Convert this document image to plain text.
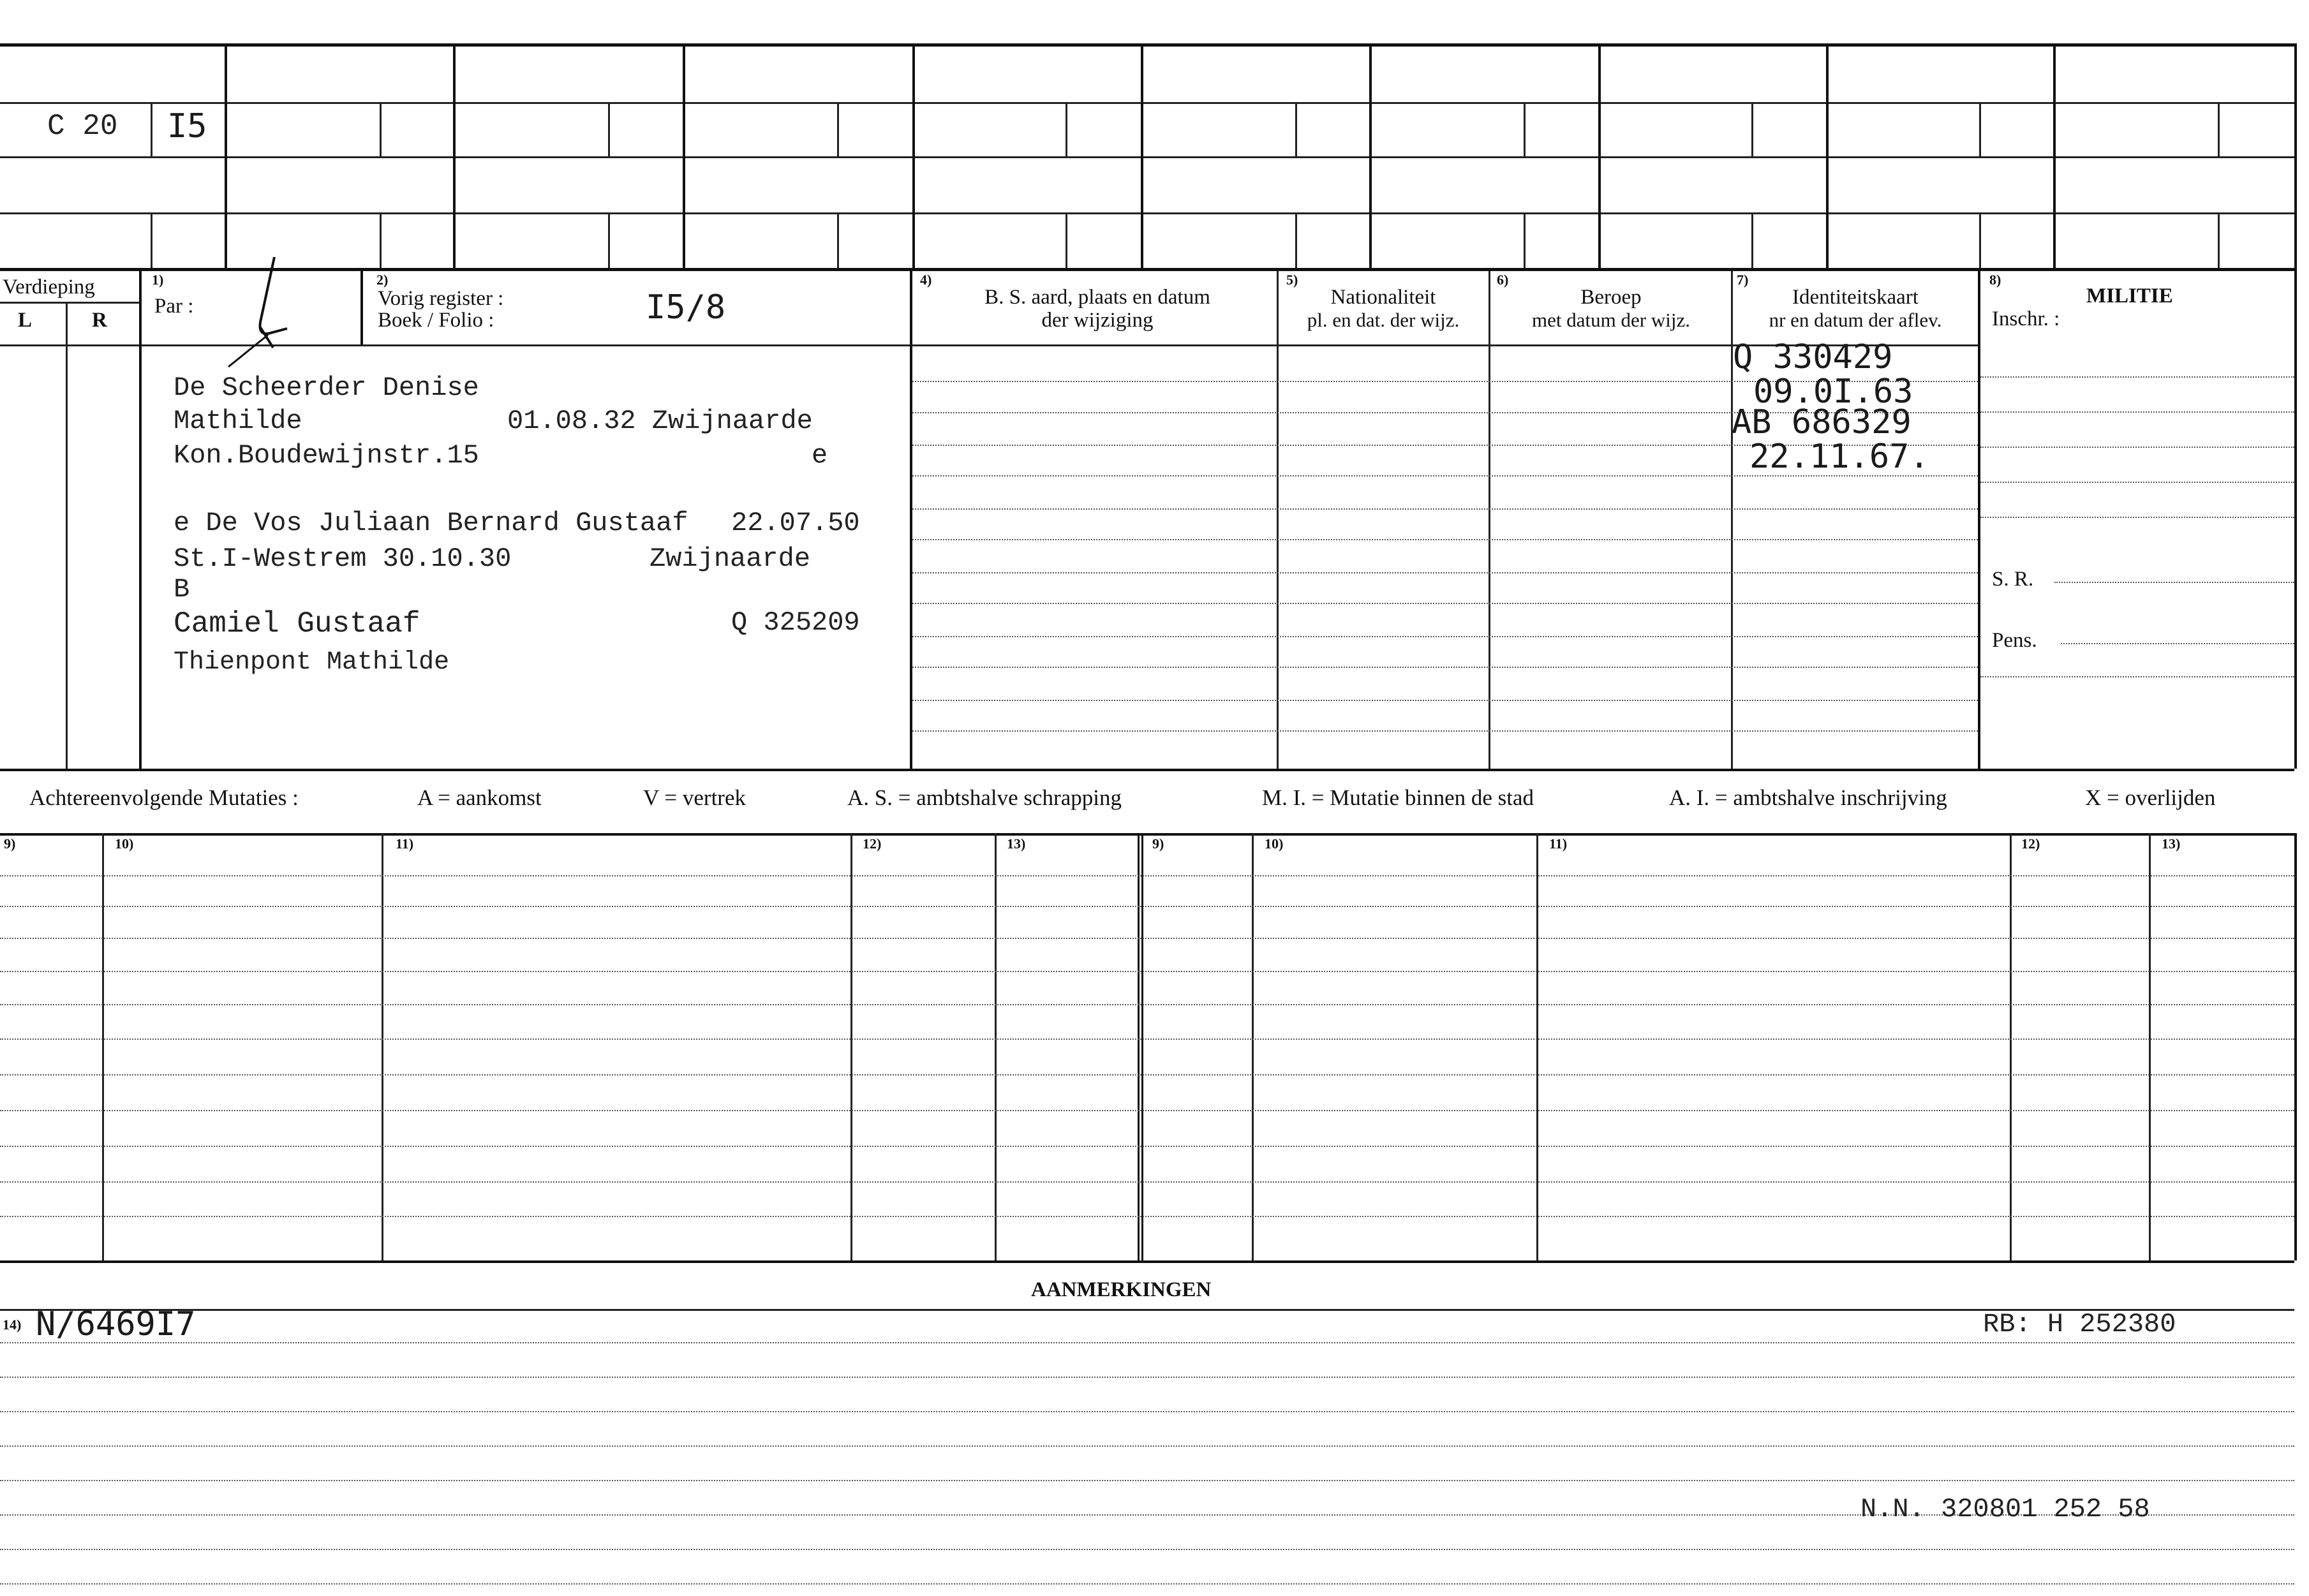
C 20 I5
Verdieping
L	R
1)
Par :
2)
Vorig register :
Boek / Folio :	I5/8
4)
B. S. aard, plaats en datum
der wijziging
5)
Nationaliteit
pl. en dat. der wijz.
6)
Beroep
met datum der wijz.
7)
Identiteitskaart
nr en datum der aflev.
8)
MILITIE
Inschr. :
S. R.
Pens.
De Scheerder Denise
Mathilde	01.08.32 Zwijnaarde
Kon.Boudewijnstr.15	e
e De Vos Juliaan Bernard Gustaaf 22.07.50
St.I-Westrem 30.10.30	Zwijnaarde
B
Camiel Gustaaf	Q 325209
Thienpont Mathilde
Q 330429
09.0I.63
AB 686329
22.11.67.
Achtereenvolgende Mutaties :	A = aankomst	V = vertrek	A. S. = ambtshalve schrapping	M. I. = Mutatie binnen de stad	A. I. = ambtshalve inschrijving	X = overlijden
9)	10)	11)	12)	13)	9)	10)	11)	12)	13)
AANMERKINGEN
14) N/6469I7	RB: H 252380
N.N. 320801 252 58
